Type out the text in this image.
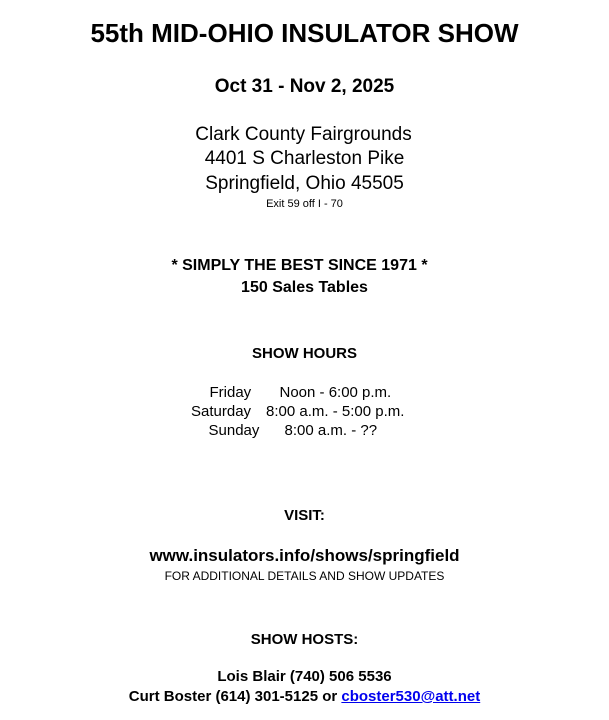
55th MID-OHIO INSULATOR SHOW
Oct 31 - Nov 2, 2025
Clark County Fairgrounds
4401 S Charleston Pike
Springfield, Ohio 45505
Exit 59 off I - 70
* SIMPLY THE BEST SINCE 1971 *
150 Sales Tables
SHOW HOURS
Friday Noon - 6:00 p.m.
Saturday 8:00 a.m. - 5:00 p.m.
Sunday 8:00 a.m. - ??
VISIT:
www.insulators.info/shows/springfield
FOR ADDITIONAL DETAILS AND SHOW UPDATES
SHOW HOSTS:
Lois Blair (740) 506 5536
Curt Boster (614) 301-5125 or cboster530@att.net
